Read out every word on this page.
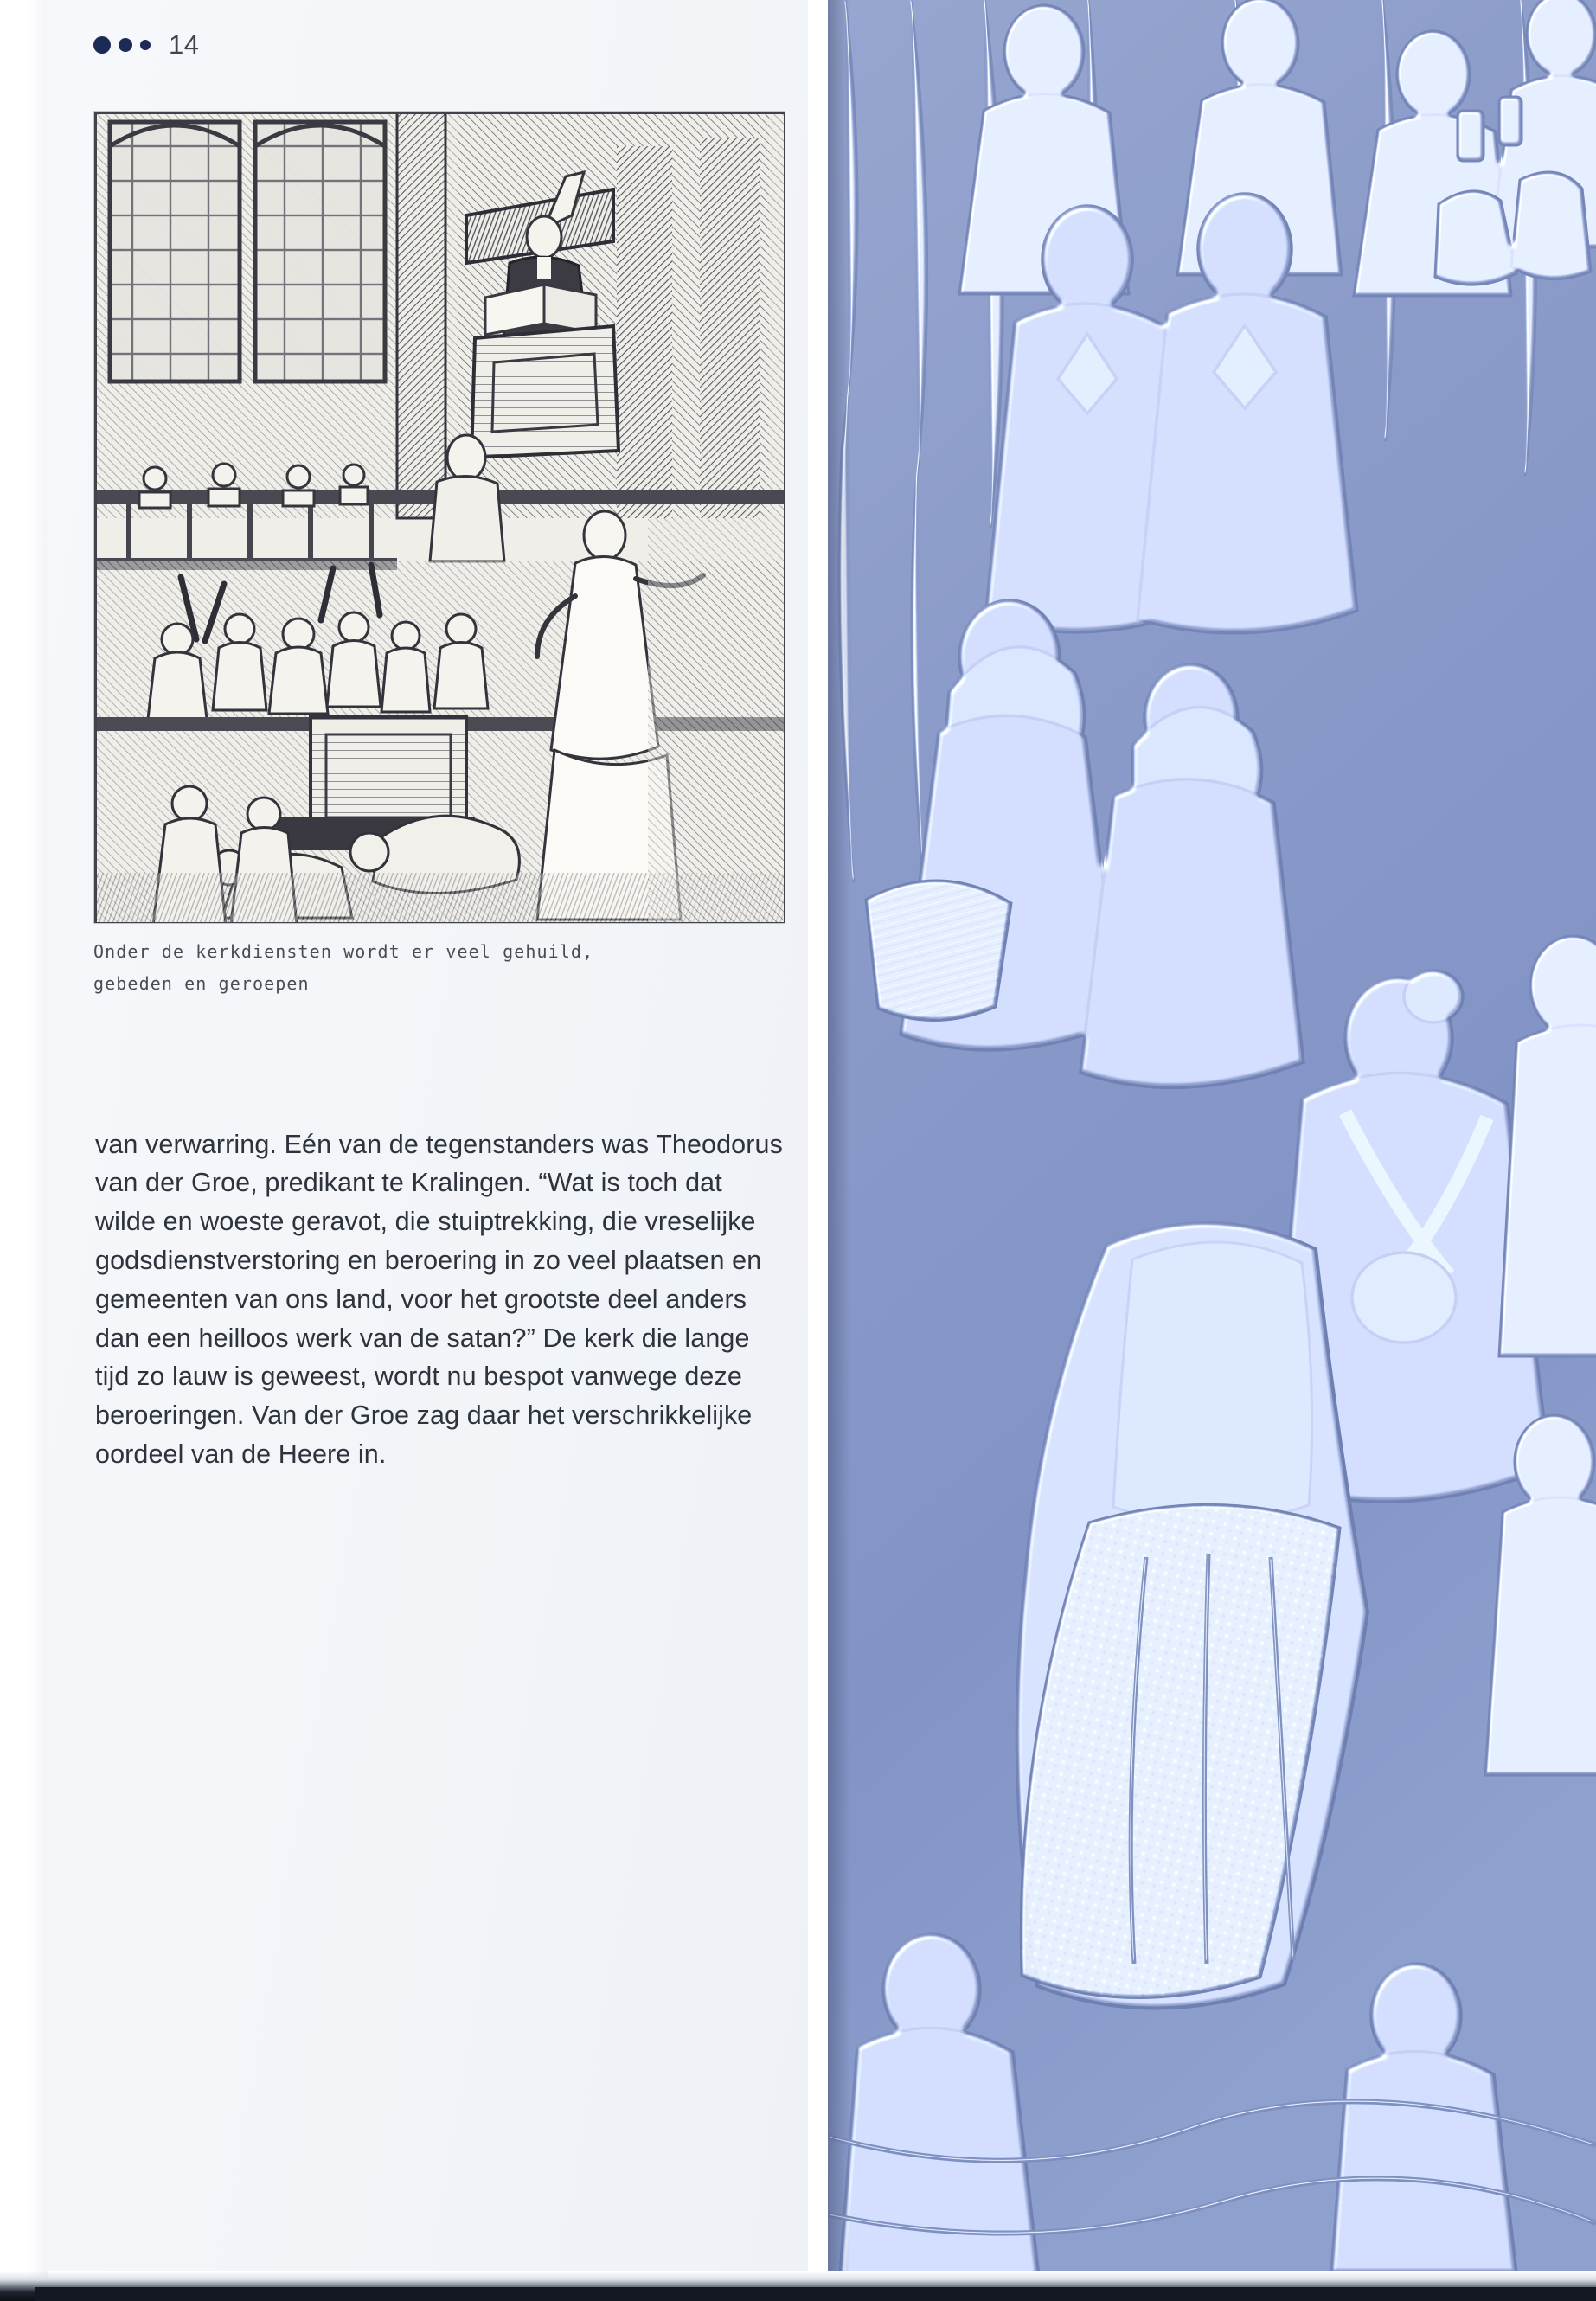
14
Onder de kerkdiensten wordt er veel gehuild,
gebeden en geroepen

van verwarring. Eén van de tegenstanders was Theodorus van der Groe, predikant te Kralingen. “Wat is toch dat wilde en woeste geravot, die stuiptrekking, die vreselijke godsdienstverstoring en beroering in zo veel plaatsen en gemeenten van ons land, voor het grootste deel anders dan een heilloos werk van de satan?” De kerk die lange tijd zo lauw is geweest, wordt nu bespot vanwege deze beroeringen. Van der Groe zag daar het verschrikkelijke oordeel van de Heere in.
